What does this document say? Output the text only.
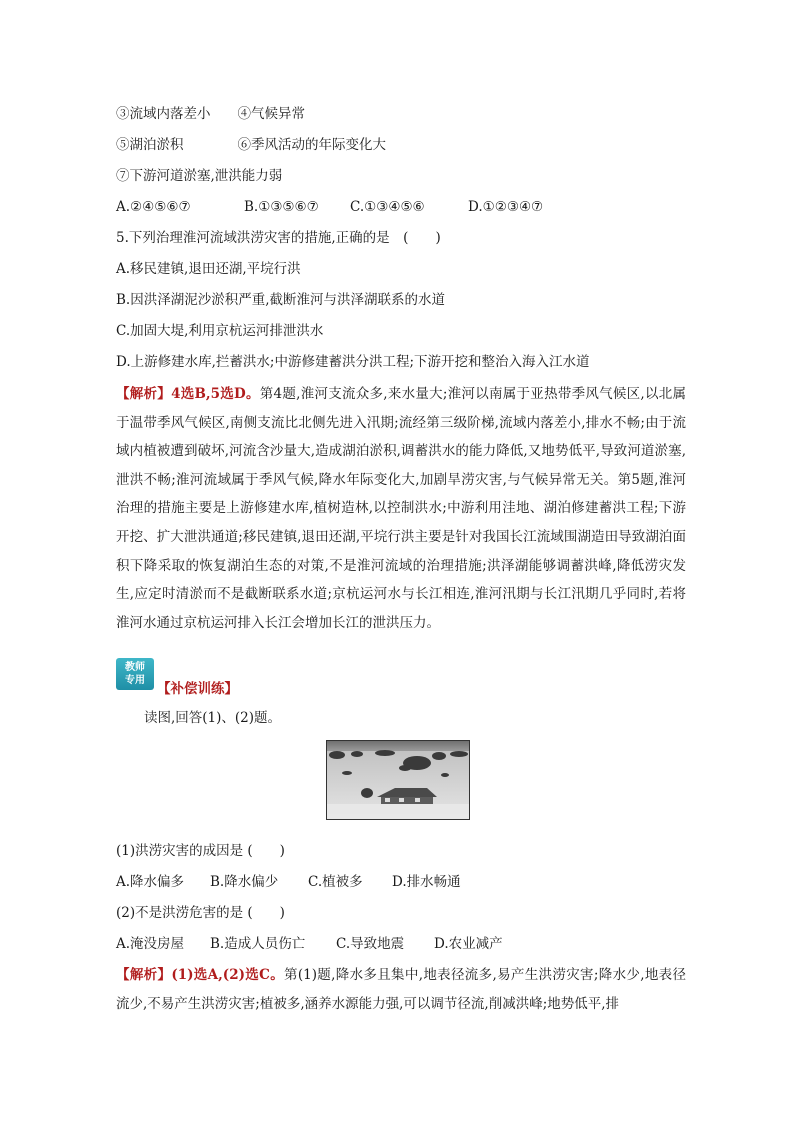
③流域内落差小　　④气候异常
⑤湖泊淤积　　　　⑥季风活动的年际变化大
⑦下游河道淤塞,泄洪能力弱
A.②④⑤⑥⑦	B.①③⑤⑥⑦ C.①③④⑤⑥	D.①②③④⑦
5.下列治理淮河流域洪涝灾害的措施,正确的是　(　　)
A.移民建镇,退田还湖,平垸行洪
B.因洪泽湖泥沙淤积严重,截断淮河与洪泽湖联系的水道
C.加固大堤,利用京杭运河排泄洪水
D.上游修建水库,拦蓄洪水;中游修建蓄洪分洪工程;下游开挖和整治入海入江水道
【解析】4选B,5选D。第4题,淮河支流众多,来水量大;淮河以南属于亚热带季风气候区,以北属于温带季风气候区,南侧支流比北侧先进入汛期;流经第三级阶梯,流域内落差小,排水不畅;由于流域内植被遭到破坏,河流含沙量大,造成湖泊淤积,调蓄洪水的能力降低,又地势低平,导致河道淤塞,泄洪不畅;淮河流域属于季风气候,降水年际变化大,加剧旱涝灾害,与气候异常无关。第5题,淮河治理的措施主要是上游修建水库,植树造林,以控制洪水;中游利用洼地、湖泊修建蓄洪工程;下游开挖、扩大泄洪通道;移民建镇,退田还湖,平垸行洪主要是针对我国长江流域围湖造田导致湖泊面积下降采取的恢复湖泊生态的对策,不是淮河流域的治理措施;洪泽湖能够调蓄洪峰,降低涝灾发生,应定时清淤而不是截断联系水道;京杭运河水与长江相连,淮河汛期与长江汛期几乎同时,若将淮河水通过京杭运河排入长江会增加长江的泄洪压力。
教师
专用
【补偿训练】
读图,回答(1)、(2)题。
(1)洪涝灾害的成因是 (　　)
A.降水偏多 B.降水偏少 C.植被多 D.排水畅通
(2)不是洪涝危害的是 (　　)
A.淹没房屋 B.造成人员伤亡 C.导致地震 D.农业减产
【解析】(1)选A,(2)选C。第(1)题,降水多且集中,地表径流多,易产生洪涝灾害;降水少,地表径流少,不易产生洪涝灾害;植被多,涵养水源能力强,可以调节径流,削减洪峰;地势低平,排
